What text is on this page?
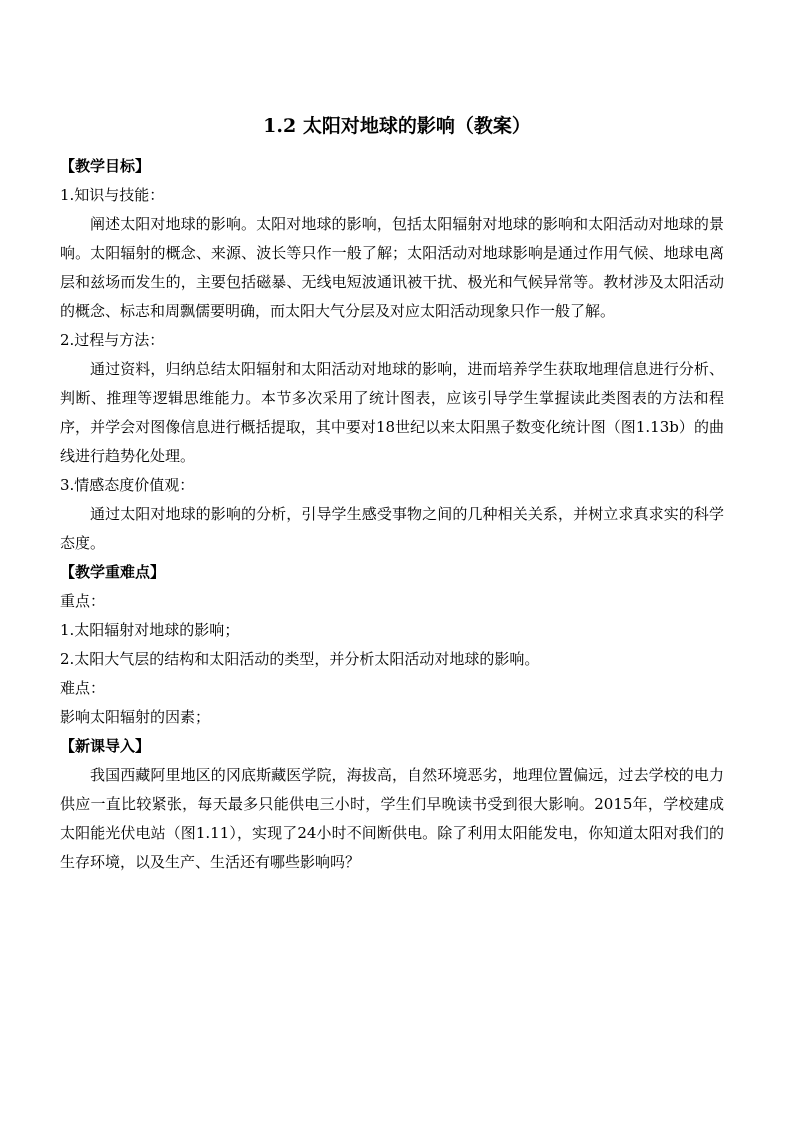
1.2 太阳对地球的影响（教案）

【教学目标】

1.知识与技能：

阐述太阳对地球的影响。太阳对地球的影响，包括太阳辐射对地球的影响和太阳活动对地球的景响。太阳辐射的概念、来源、波长等只作一般了解；太阳活动对地球影响是通过作用气候、地球电离层和兹场而发生的，主要包括磁暴、无线电短波通讯被干扰、极光和气候异常等。教材涉及太阳活动的概念、标志和周飘儒要明确，而太阳大气分层及对应太阳活动现象只作一般了解。

2.过程与方法：

通过资料，归纳总结太阳辐射和太阳活动对地球的影响，进而培养学生获取地理信息进行分析、判断、推理等逻辑思维能力。本节多次采用了统计图表，应该引导学生掌握读此类图表的方法和程序，并学会对图像信息进行概括提取，其中要对18世纪以来太阳黑子数变化统计图（图1.13b）的曲线进行趋势化处理。

3.情感态度价值观：

通过太阳对地球的影响的分析，引导学生感受事物之间的几种相关关系，并树立求真求实的科学态度。

【教学重难点】

重点：

1.太阳辐射对地球的影响；

2.太阳大气层的结构和太阳活动的类型，并分析太阳活动对地球的影响。

难点：

影响太阳辐射的因素；

【新课导入】

我国西藏阿里地区的冈底斯藏医学院，海拔高，自然环境恶劣，地理位置偏远，过去学校的电力供应一直比较紧张，每天最多只能供电三小时，学生们早晚读书受到很大影响。2015年，学校建成太阳能光伏电站（图1.11），实现了24小时不间断供电。除了利用太阳能发电，你知道太阳对我们的生存环境，以及生产、生活还有哪些影响吗？
